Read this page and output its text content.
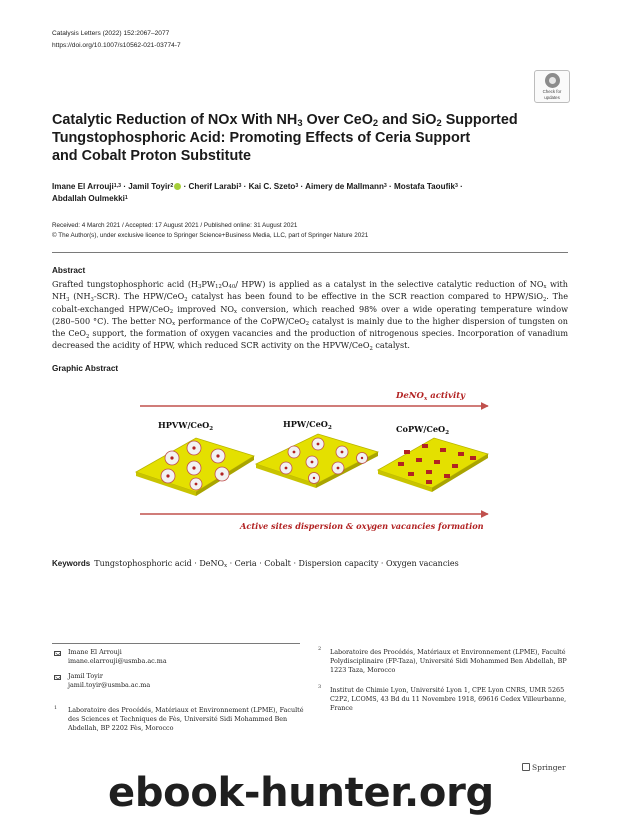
Catalysis Letters (2022) 152:2067–2077
https://doi.org/10.1007/s10562-021-03774-7
Check for
updates
Catalytic Reduction of NOx With $NH_3$ Over CeO$_2$ and SiO$_2$ Supported
Tungstophosphoric Acid: Promoting Effects of Ceria Support
and Cobalt Proton Substitute
Imane El Arrouji$^{1,3}$ · Jamil Toyir$^2$ · Cherif Larabi$^3$ · Kai C. Szeto$^3$ · Aimery de Mallmann$^3$ · Mostafa Taoufik$^3$ ·
Abdallah Oulmekki$^1$
Received: 4 March 2021 / Accepted: 17 August 2021 / Published online: 31 August 2021
© The Author(s), under exclusive licence to Springer Science+Business Media, LLC, part of Springer Nature 2021
Abstract
Grafted tungstophosphoric acid ($H_3PW_{12}O_{40}/$ HPW) is applied as a catalyst in the selective catalytic reduction of $NO_x$ with
$NH_3$ $(NH_3-SCR)$. The HPW/CeO$_2$ catalyst has been found to be effective in the SCR reaction compared to HPW/SiO$_2$. The
cobalt-exchanged HPW/CeO$_2$ improved $NO_x$ conversion, which reached 98% over a wide operating temperature window
(280–500 °C). The better $NO_x$ performance of the CoPW/CeO$_2$ catalyst is mainly due to the higher dispersion of tungsten on
the CeO$_2$ support, the formation of oxygen vacancies and the production of nitrogenous species. Incorporation of vanadium
decreased the acidity of HPW, which reduced SCR activity on the HPVW/CeO$_2$ catalyst.
Graphic Abstract
DeNO$_x$ activity
HPVW/CeO$_2$	HPW/CeO$_2$	CoPW/CeO$_2$
Active sites dispersion & oxygen vacancies formation
Keywords Tungstophosphoric acid · DeNO$_x$ · Ceria · Cobalt · Dispersion capacity · Oxygen vacancies
Imane El Arrouji
imane.elarrouji@usmba.ac.ma
Jamil Toyir
jamil.toyir@usmba.ac.ma
1 Laboratoire des Procédés, Matériaux et Environnement (LPME), Faculté des Sciences et Techniques de Fès, Université Sidi Mohammed Ben Abdellah, BP 2202 Fès, Morocco
2 Laboratoire des Procédés, Matériaux et Environnement (LPME), Faculté Polydisciplinaire (FP-Taza), Université Sidi Mohammed Ben Abdellah, BP 1223 Taza, Morocco
3 Institut de Chimie Lyon, Université Lyon 1, CPE Lyon CNRS, UMR 5265 C2P2, LCOMS, 43 Bd du 11 Novembre 1918, 69616 Cedex Villeurbanne, France
Springer
ebook-hunter.org
